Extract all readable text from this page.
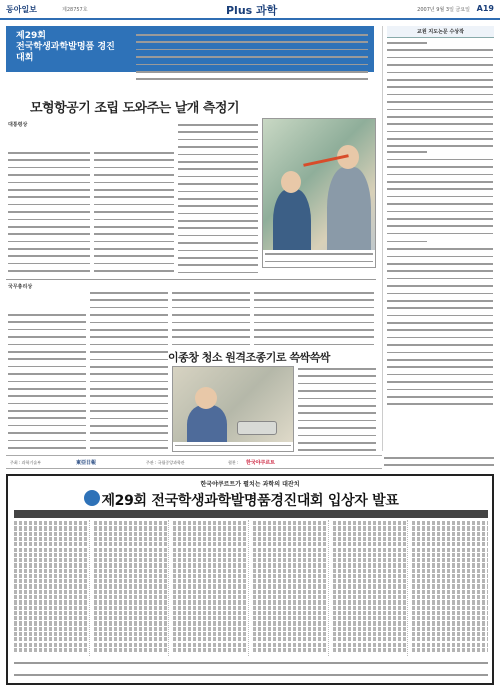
동아일보	제28757호	Plus 과학	2007년 9월 3일 금요일 A19
제29회
전국학생과학발명품 경진대회
모형항공기 조립 도와주는 날개 측정기
대통령상
국무총리상
이종창 청소 원격조종기로 쓱싹쓱싹
교원 지도논문 수상작
주최 : 과학기술부	東亞日報	주관 : 국립중앙과학관	협찬 : 한국야쿠르트
한국야쿠르트가 펼치는 과학의 대잔치
제29회 전국학생과학발명품경진대회 입상자 발표
